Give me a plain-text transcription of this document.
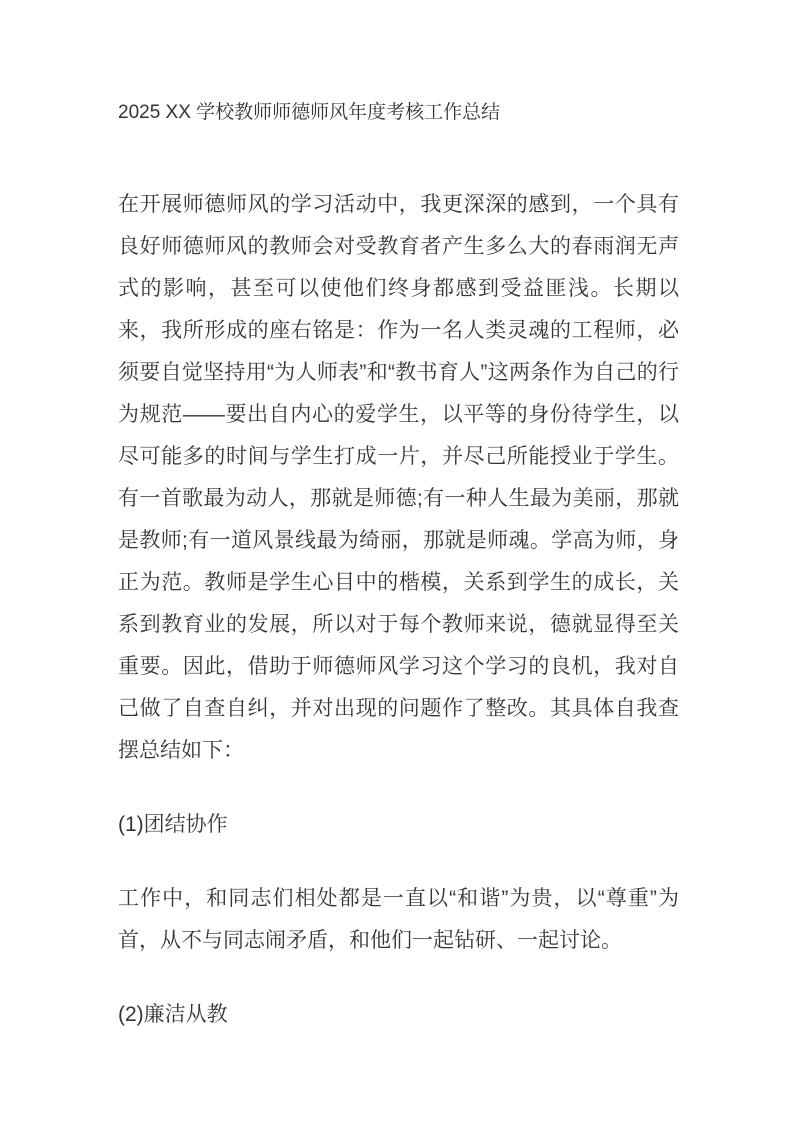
2025 XX 学校教师师德师风年度考核工作总结

在开展师德师风的学习活动中，我更深深的感到，一个具有良好师德师风的教师会对受教育者产生多么大的春雨润无声式的影响，甚至可以使他们终身都感到受益匪浅。长期以来，我所形成的座右铭是：作为一名人类灵魂的工程师，必须要自觉坚持用“为人师表”和“教书育人”这两条作为自己的行为规范——要出自内心的爱学生，以平等的身份待学生，以尽可能多的时间与学生打成一片，并尽己所能授业于学生。有一首歌最为动人，那就是师德;有一种人生最为美丽，那就是教师;有一道风景线最为绮丽，那就是师魂。学高为师，身正为范。教师是学生心目中的楷模，关系到学生的成长，关系到教育业的发展，所以对于每个教师来说，德就显得至关重要。因此，借助于师德师风学习这个学习的良机，我对自己做了自查自纠，并对出现的问题作了整改。其具体自我查摆总结如下：

(1)团结协作

工作中，和同志们相处都是一直以“和谐”为贵，以“尊重”为首，从不与同志闹矛盾，和他们一起钻研、一起讨论。

(2)廉洁从教
